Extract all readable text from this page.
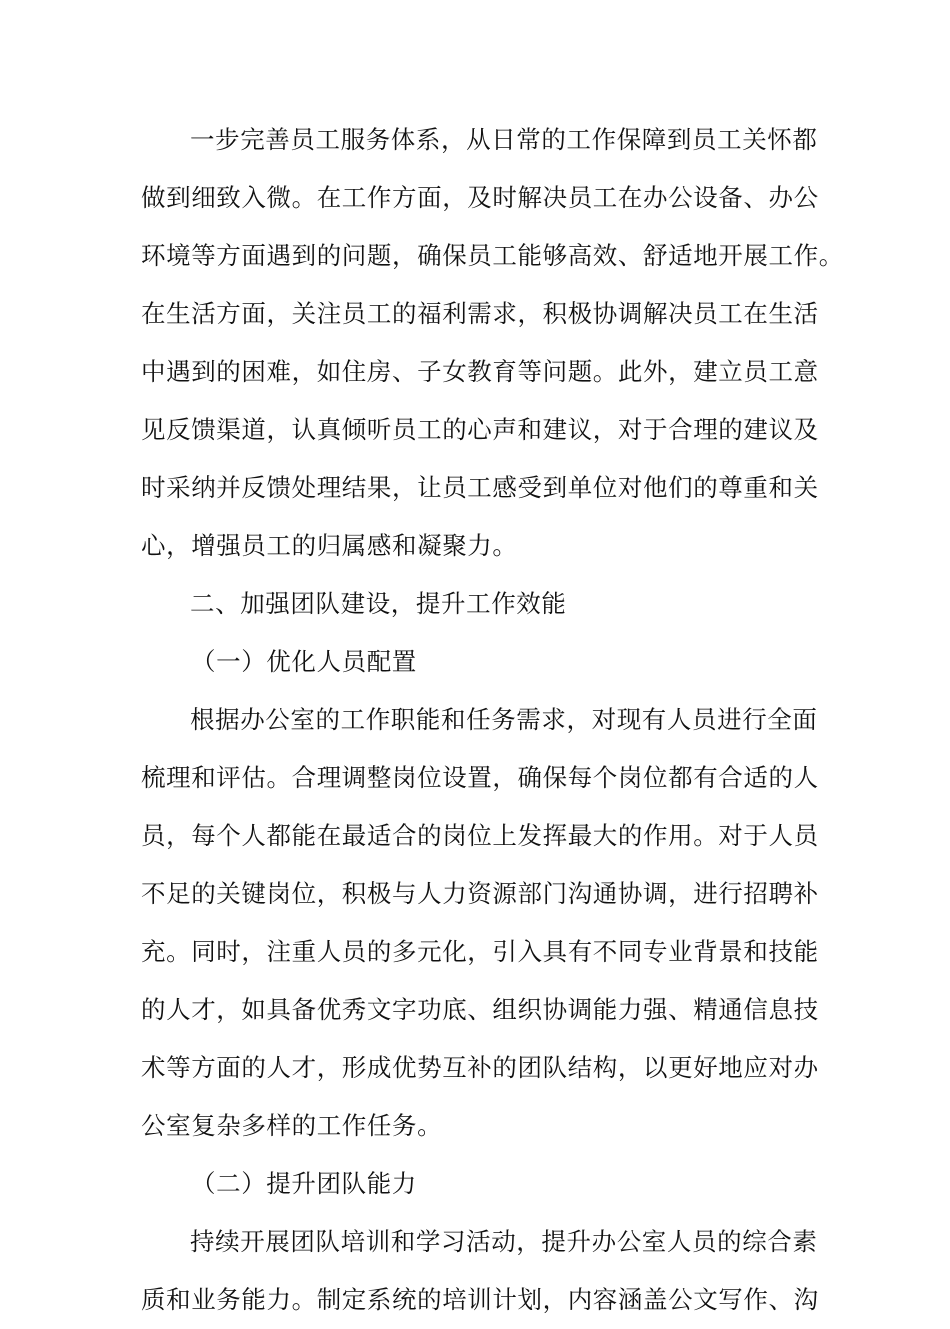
一步完善员工服务体系，从日常的工作保障到员工关怀都
做到细致入微。在工作方面，及时解决员工在办公设备、办公
环境等方面遇到的问题，确保员工能够高效、舒适地开展工作。
在生活方面，关注员工的福利需求，积极协调解决员工在生活
中遇到的困难，如住房、子女教育等问题。此外，建立员工意
见反馈渠道，认真倾听员工的心声和建议，对于合理的建议及
时采纳并反馈处理结果，让员工感受到单位对他们的尊重和关
心，增强员工的归属感和凝聚力。
二、加强团队建设，提升工作效能
（一）优化人员配置
根据办公室的工作职能和任务需求，对现有人员进行全面
梳理和评估。合理调整岗位设置，确保每个岗位都有合适的人
员，每个人都能在最适合的岗位上发挥最大的作用。对于人员
不足的关键岗位，积极与人力资源部门沟通协调，进行招聘补
充。同时，注重人员的多元化，引入具有不同专业背景和技能
的人才，如具备优秀文字功底、组织协调能力强、精通信息技
术等方面的人才，形成优势互补的团队结构，以更好地应对办
公室复杂多样的工作任务。
（二）提升团队能力
持续开展团队培训和学习活动，提升办公室人员的综合素
质和业务能力。制定系统的培训计划，内容涵盖公文写作、沟
